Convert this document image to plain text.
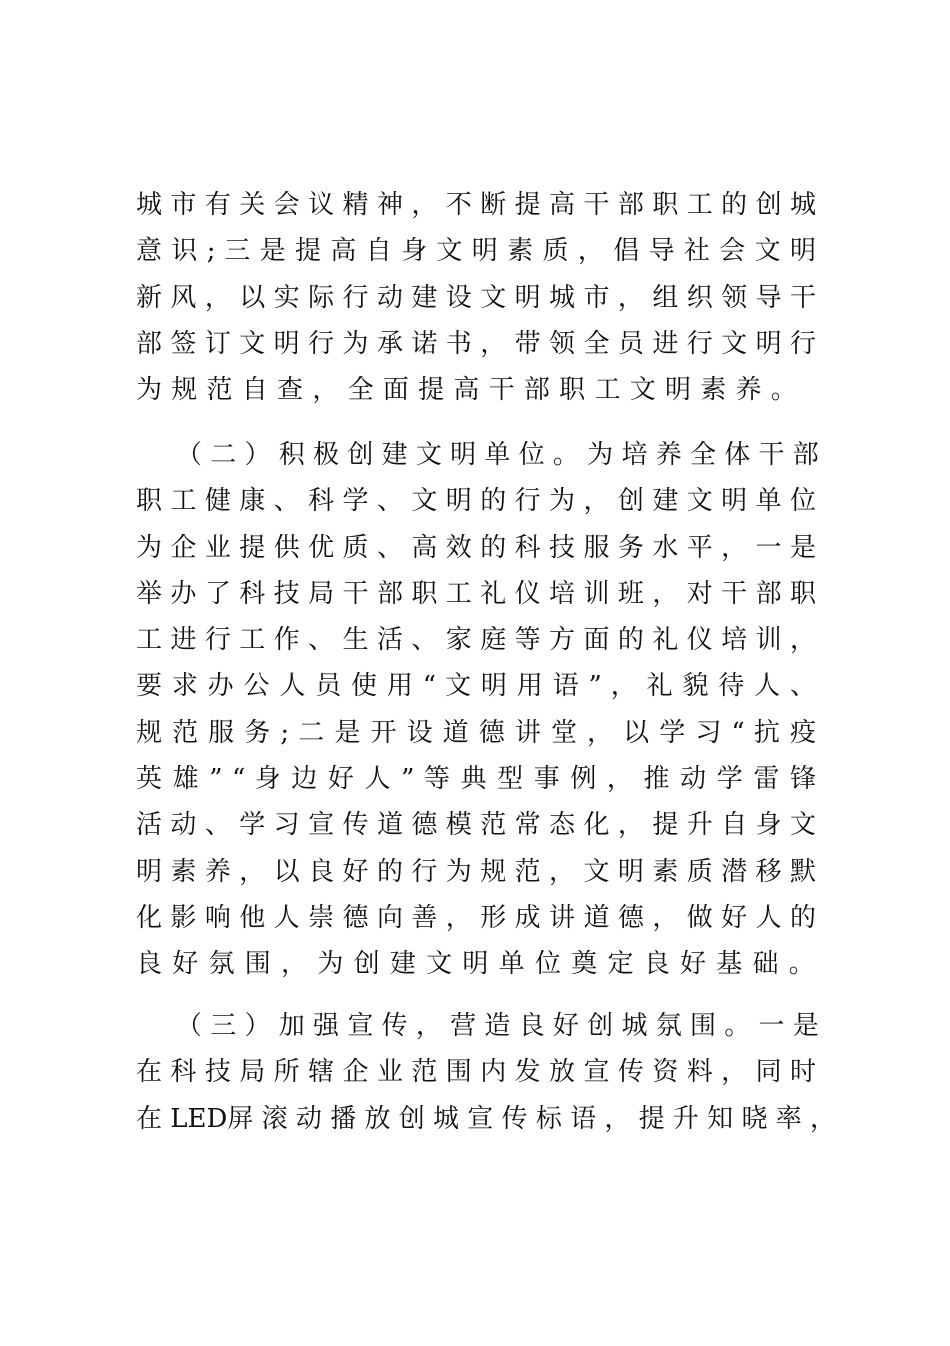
城 市 有 关 会 议 精 神 ， 不 断 提 高 干 部 职 工 的 创 城
意 识 ; 三 是 提 高 自 身 文 明 素 质 ， 倡 导 社 会 文 明
新 风 ， 以 实 际 行 动 建 设 文 明 城 市 ， 组 织 领 导 干
部 签 订 文 明 行 为 承 诺 书 ， 带 领 全 员 进 行 文 明 行
为 规 范 自 查 ， 全 面 提 高 干 部 职 工 文 明 素 养 。
（ 二 ） 积 极 创 建 文 明 单 位 。 为 培 养 全 体 干 部
职 工 健 康 、 科 学 、 文 明 的 行 为 ， 创 建 文 明 单 位
为 企 业 提 供 优 质 、 高 效 的 科 技 服 务 水 平 ， 一 是
举 办 了 科 技 局 干 部 职 工 礼 仪 培 训 班 ， 对 干 部 职
工 进 行 工 作 、 生 活 、 家 庭 等 方 面 的 礼 仪 培 训 ，
要 求 办 公 人 员 使 用 “ 文 明 用 语 ” ， 礼 貌 待 人 、
规 范 服 务 ; 二 是 开 设 道 德 讲 堂 ， 以 学 习 “ 抗 疫
英 雄 ” “ 身 边 好 人 ” 等 典 型 事 例 ， 推 动 学 雷 锋
活 动 、 学 习 宣 传 道 德 模 范 常 态 化 ， 提 升 自 身 文
明 素 养 ， 以 良 好 的 行 为 规 范 ， 文 明 素 质 潜 移 默
化 影 响 他 人 崇 德 向 善 ， 形 成 讲 道 德 ， 做 好 人 的
良 好 氛 围 ， 为 创 建 文 明 单 位 奠 定 良 好 基 础 。
（ 三 ） 加 强 宣 传 ， 营 造 良 好 创 城 氛 围 。 一 是
在 科 技 局 所 辖 企 业 范 围 内 发 放 宣 传 资 料 ， 同 时
在 LED屏 滚 动 播 放 创 城 宣 传 标 语 ， 提 升 知 晓 率 ，
